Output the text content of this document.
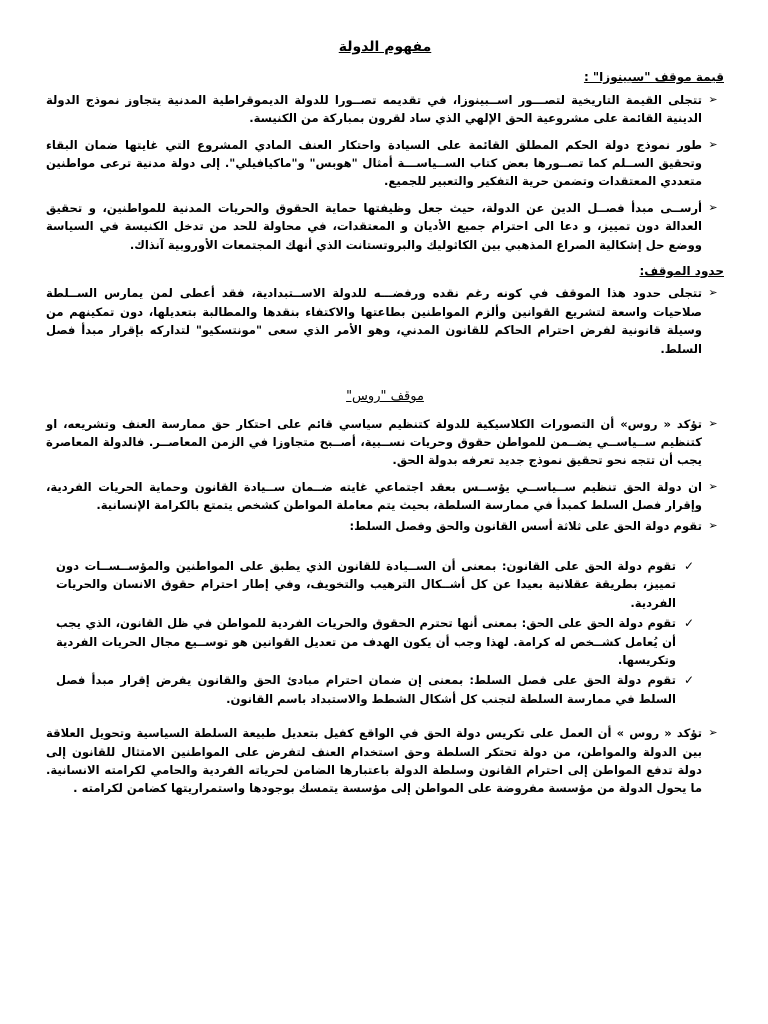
مفهوم الدولة
قيمة موقف "سبينوزا" :
➢
تتجلى القيمة التاريخية لتصـــور اســبينوزا، في تقديمه تصــورا للدولة الديموقراطية المدنية يتجاوز نموذج الدولة الدينية القائمة على مشروعية الحق الإلهي الذي ساد لقرون بمباركة من الكنيسة.
➢
طور نموذج دولة الحكم المطلق القائمة على السيادة واحتكار العنف المادي المشروع التي غايتها ضمان البقاء وتحقيق الســلم كما تصــورها بعض كتاب الســياســـة أمثال "هوبس" و"ماكيافيلي". إلى دولة مدنية ترعى مواطنين متعددي المعتقدات وتضمن حرية التفكير والتعبير للجميع.
➢
أرســى مبدأ فصــل الدين عن الدولة، حيث جعل وظيفتها حماية الحقوق والحريات المدنية للمواطنين، و تحقيق العدالة دون تمييز، و دعا الى احترام جميع الأديان و المعتقدات، في محاولة للحد من تدخل الكنيسة في السياسة ووضع حل إشكالية الصراع المذهبي بين الكاثوليك والبروتستانت الذي أنهك المجتمعات الأوروبية آنذاك.
حدود الموقف:
➢
تتجلى حدود هذا الموقف في كونه رغم نقده ورفضـــه للدولة الاســتبدادية، فقد أعطى لمن يمارس الســلطة صلاحيات واسعة لتشريع القوانين وألزم المواطنين بطاعتها والاكتفاء بنقدها والمطالبة بتعديلها، دون تمكينهم من وسيلة قانونية لفرض احترام الحاكم للقانون المدني، وهو الأمر الذي سعى "مونتسكيو" لتداركه بإقرار مبدأ فصل السلط.
موقف "روس"
➢
تؤكد « روس» أن التصورات الكلاسيكية للدولة كتنظيم سياسي قائم على احتكار حق ممارسة العنف وتشريعه، او كتنظيم ســياســي يضــمن للمواطن حقوق وحريات نســبية، أصــبح متجاوزا في الزمن المعاصــر. فالدولة المعاصرة يجب أن تتجه نحو تحقيق نموذج جديد تعرفه بدولة الحق.
➢
ان دولة الحق تنظيم ســياســي يؤســس بعقد اجتماعي غايته ضــمان ســيادة القانون وحماية الحريات الفردية، وإقرار فصل السلط كمبدأ في ممارسة السلطة، بحيث يتم معاملة المواطن كشخص يتمتع بالكرامة الإنسانية.
➢
تقوم دولة الحق على ثلاثة أسس القانون والحق وفصل السلط:
✓
تقوم دولة الحق على القانون: بمعنى أن الســيادة للقانون الذي يطبق على المواطنين والمؤســســات دون تمييز، بطريقة عقلانية بعيدا عن كل أشــكال الترهيب والتخويف، وفي إطار احترام حقوق الانسان والحريات الفردية.
✓
تقوم دولة الحق على الحق: بمعنى أنها تحترم الحقوق والحريات الفردية للمواطن في ظل القانون، الذي يجب أن يُعامل كشــخص له كرامة. لهذا وجب أن يكون الهدف من تعديل القوانين هو توســيع مجال الحريات الفردية وتكريسها.
✓
تقوم دولة الحق على فصل السلط: بمعنى إن ضمان احترام مبادئ الحق والقانون يفرض إقرار مبدأ فصل السلط في ممارسة السلطة لتجنب كل أشكال الشطط والاستبداد باسم القانون.
➢
تؤكد « روس » أن العمل على تكريس دولة الحق في الواقع كفيل بتعديل طبيعة السلطة السياسية وتحويل العلاقة بين الدولة والمواطن، من دولة تحتكر السلطة وحق استخدام العنف لتفرض على المواطنين الامتثال للقانون إلى دولة تدفع المواطن إلى احترام القانون وسلطة الدولة باعتبارها الضامن لحرياته الفردية والحامي لكرامته الانسانية. ما يحول الدولة من مؤسسة مفروضة على المواطن إلى مؤسسة يتمسك بوجودها واستمراريتها كضامن لكرامته .
